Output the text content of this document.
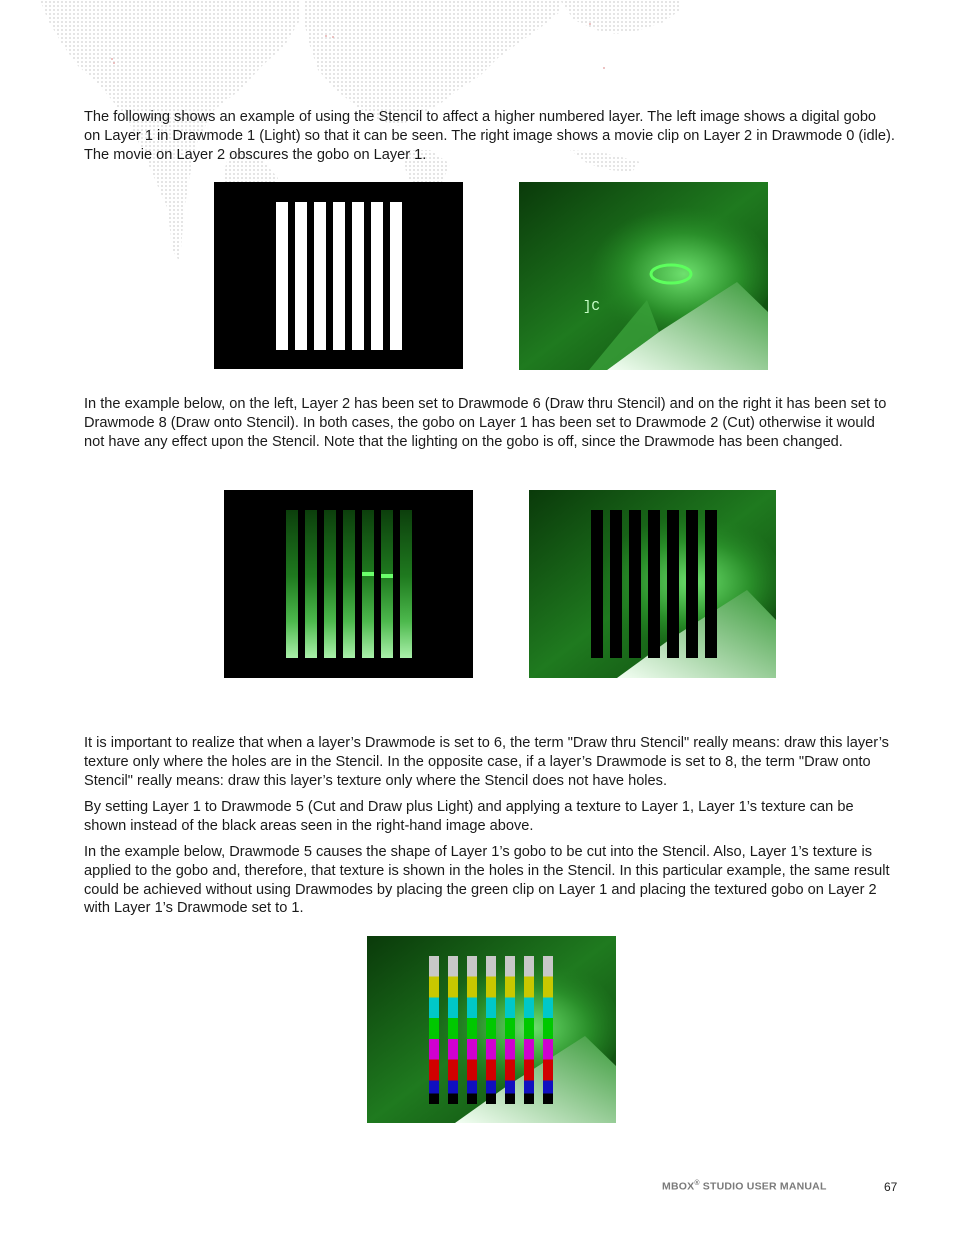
The following shows an example of using the Stencil to affect a higher numbered layer. The left image shows a digital gobo on Layer 1 in Drawmode 1 (Light) so that it can be seen. The right image shows a movie clip on Layer 2 in Drawmode 0 (idle). The movie on Layer 2 obscures the gobo on Layer 1.

]C

In the example below, on the left, Layer 2 has been set to Drawmode 6 (Draw thru Stencil) and on the right it has been set to Drawmode 8 (Draw onto Stencil). In both cases, the gobo on Layer 1 has been set to Drawmode 2 (Cut) otherwise it would not have any effect upon the Stencil. Note that the lighting on the gobo is off, since the Drawmode has been changed.

It is important to realize that when a layer’s Drawmode is set to 6, the term "Draw thru Stencil" really means: draw this layer’s texture only where the holes are in the Stencil. In the opposite case, if a layer’s Drawmode is set to 8, the term "Draw onto Stencil" really means: draw this layer’s texture only where the Stencil does not have holes.

By setting Layer 1 to Drawmode 5 (Cut and Draw plus Light) and applying a texture to Layer 1, Layer 1’s texture can be shown instead of the black areas seen in the right-hand image above.

In the example below, Drawmode 5 causes the shape of Layer 1’s gobo to be cut into the Stencil. Also, Layer 1’s texture is applied to the gobo and, therefore, that texture is shown in the holes in the Stencil. In this particular example, the same result could be achieved without using Drawmodes by placing the green clip on Layer 1 and placing the textured gobo on Layer 2 with Layer 1’s Drawmode set to 1.

MBOX® STUDIO USER MANUAL	67
